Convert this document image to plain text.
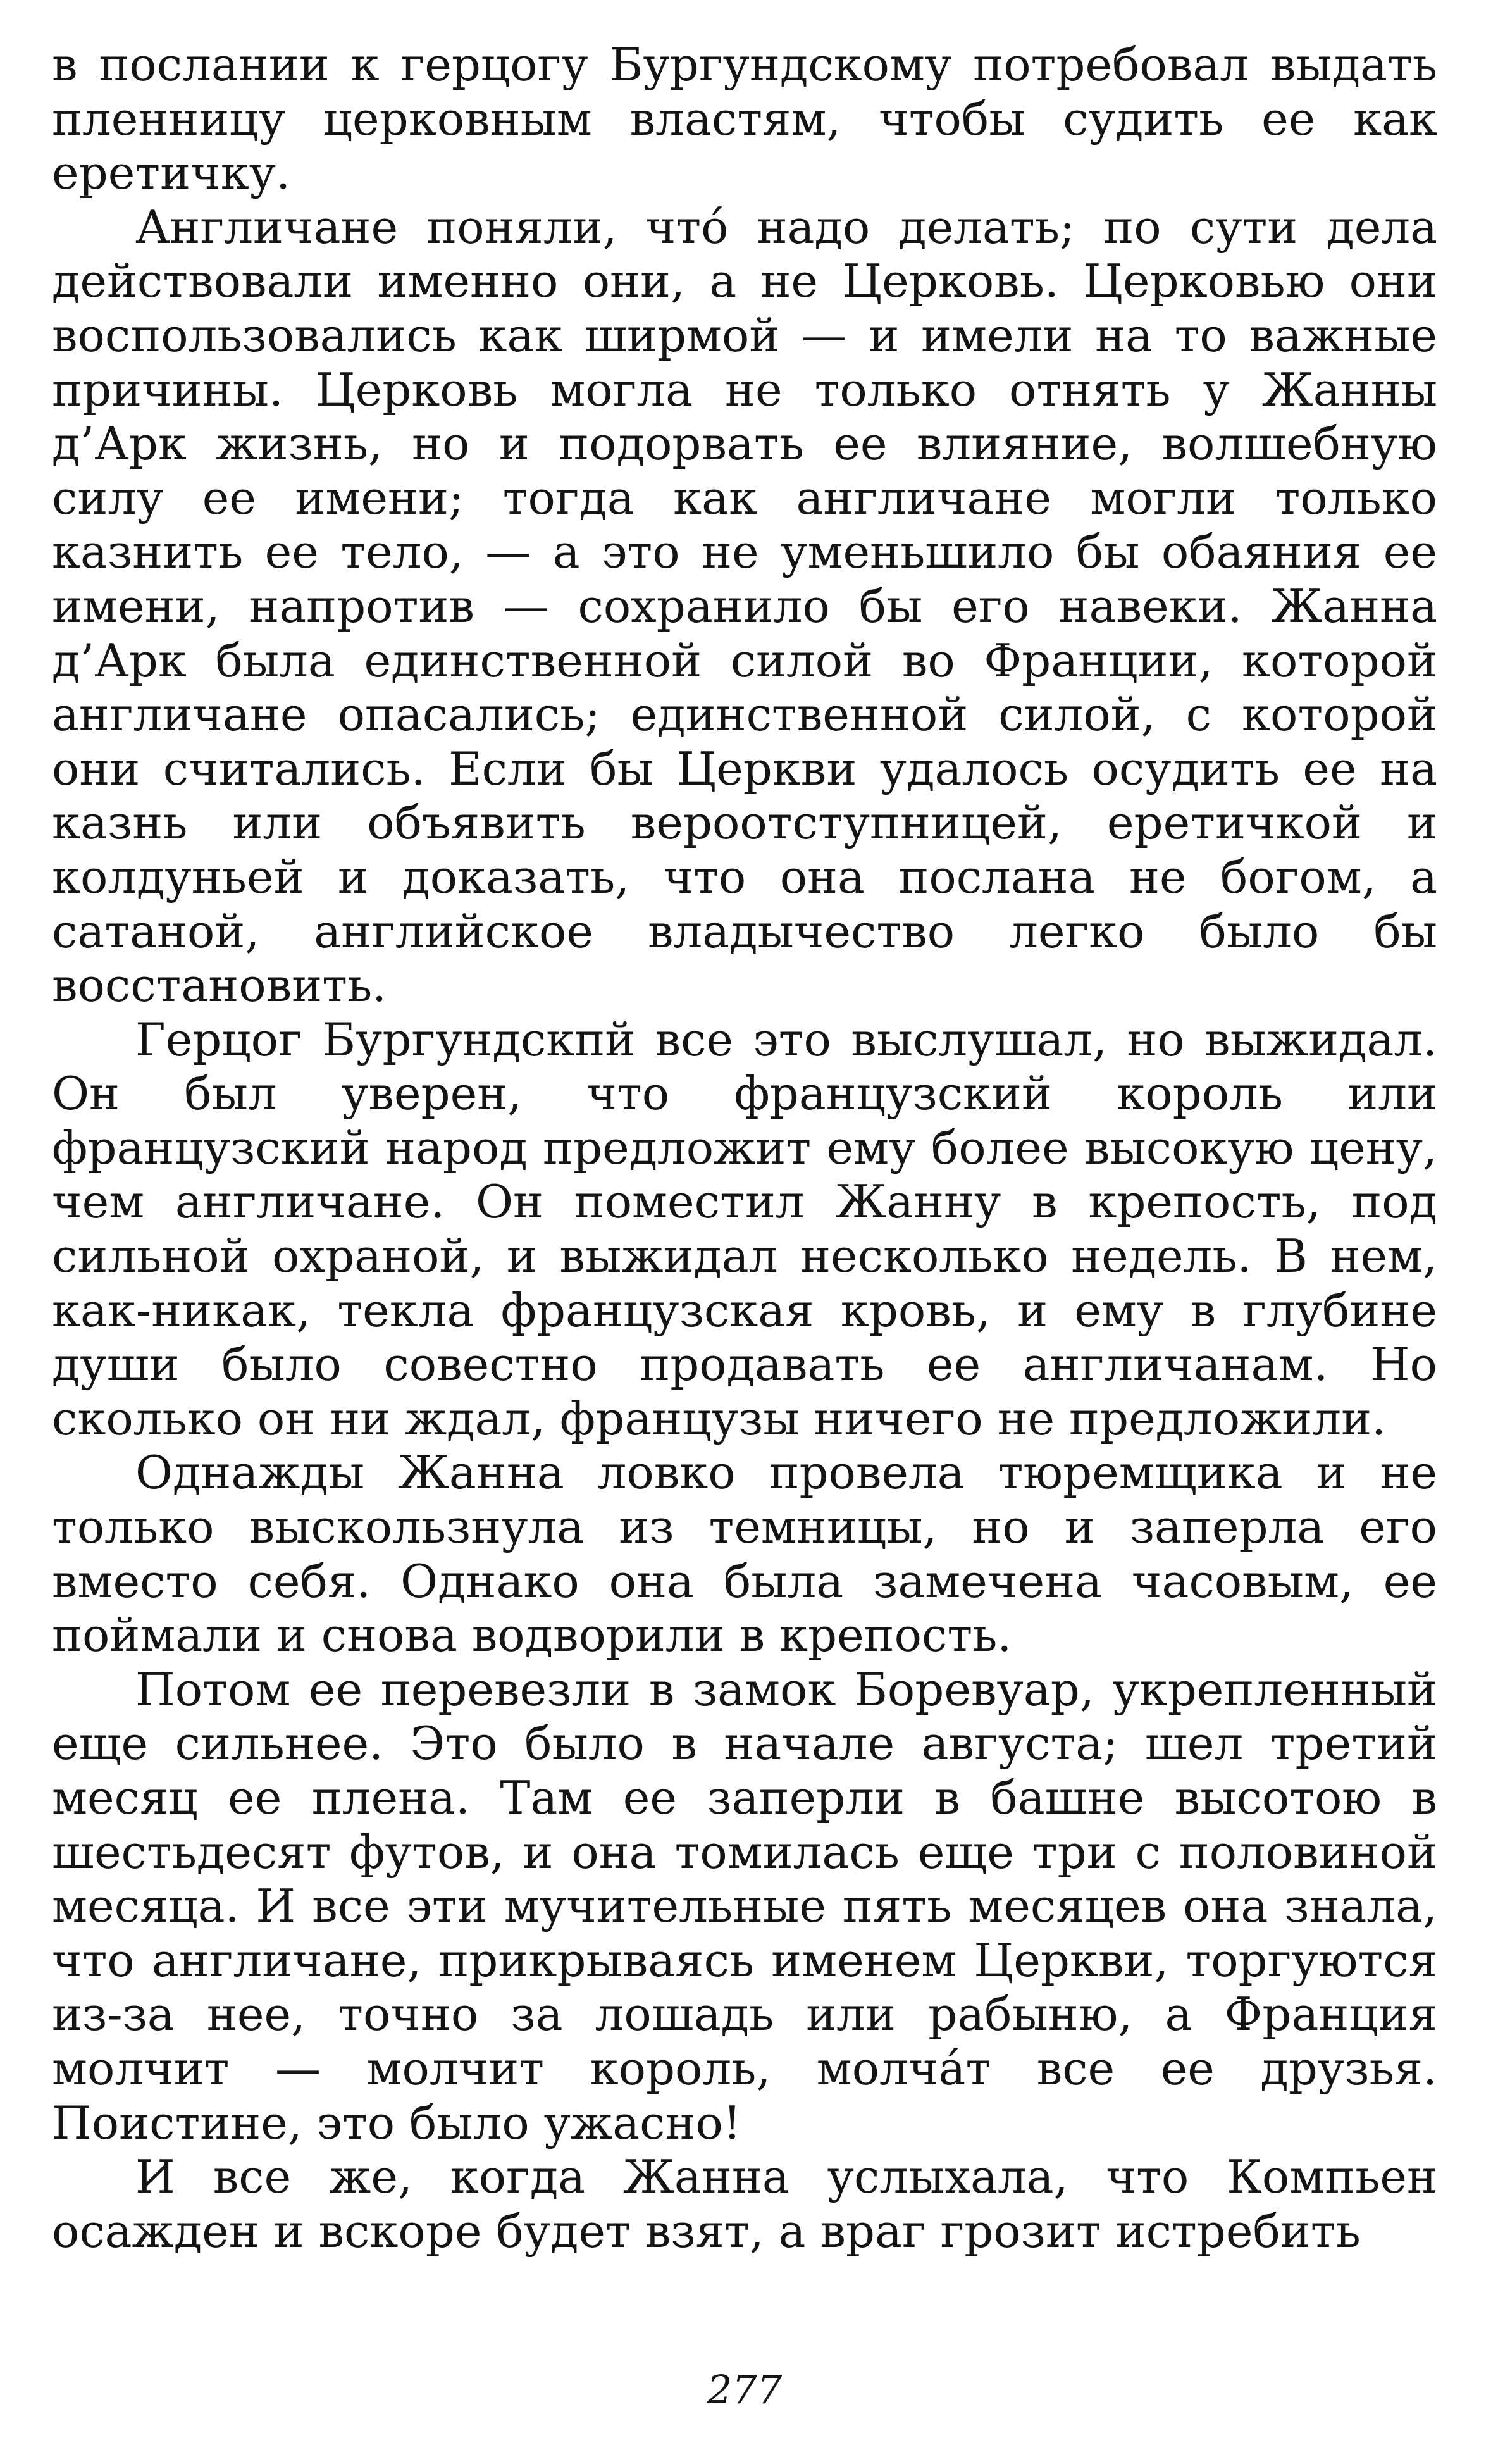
в послании к герцогу Бургундскому потребовал выдать пленницу церковным властям, чтобы судить ее как еретичку.

Англичане поняли, что́ надо делать; по сути дела действовали именно они, а не Церковь. Церковью они воспользовались как ширмой — и имели на то важные причины. Церковь могла не только отнять у Жанны д’Арк жизнь, но и подорвать ее влияние, волшебную силу ее имени; тогда как англичане могли только казнить ее тело, — а это не уменьшило бы обаяния ее имени, напротив — сохранило бы его навеки. Жанна д’Арк была единственной силой во Франции, которой англичане опасались; единственной силой, с которой они считались. Если бы Церкви удалось осудить ее на казнь или объявить вероотступницей, еретичкой и колдуньей и доказать, что она послана не богом, а сатаной, английское владычество легко было бы восстановить.

Герцог Бургундскпй все это выслушал, но выжидал. Он был уверен, что французский король или французский народ предложит ему более высокую цену, чем англичане. Он поместил Жанну в крепость, под сильной охраной, и выжидал несколько недель. В нем, как-никак, текла французская кровь, и ему в глубине души было совестно продавать ее англичанам. Но сколько он ни ждал, французы ничего не предложили.

Однажды Жанна ловко провела тюремщика и не только выскользнула из темницы, но и заперла его вместо себя. Однако она была замечена часовым, ее поймали и снова водворили в крепость.

Потом ее перевезли в замок Боревуар, укрепленный еще сильнее. Это было в начале августа; шел третий месяц ее плена. Там ее заперли в башне высотою в шестьдесят футов, и она томилась еще три с половиной месяца. И все эти мучительные пять месяцев она знала, что англичане, прикрываясь именем Церкви, торгуются из-за нее, точно за лошадь или рабыню, а Франция молчит — молчит король, молча́т все ее друзья. Поистине, это было ужасно!

И все же, когда Жанна услыхала, что Компьен осажден и вскоре будет взят, а враг грозит истребить

277
